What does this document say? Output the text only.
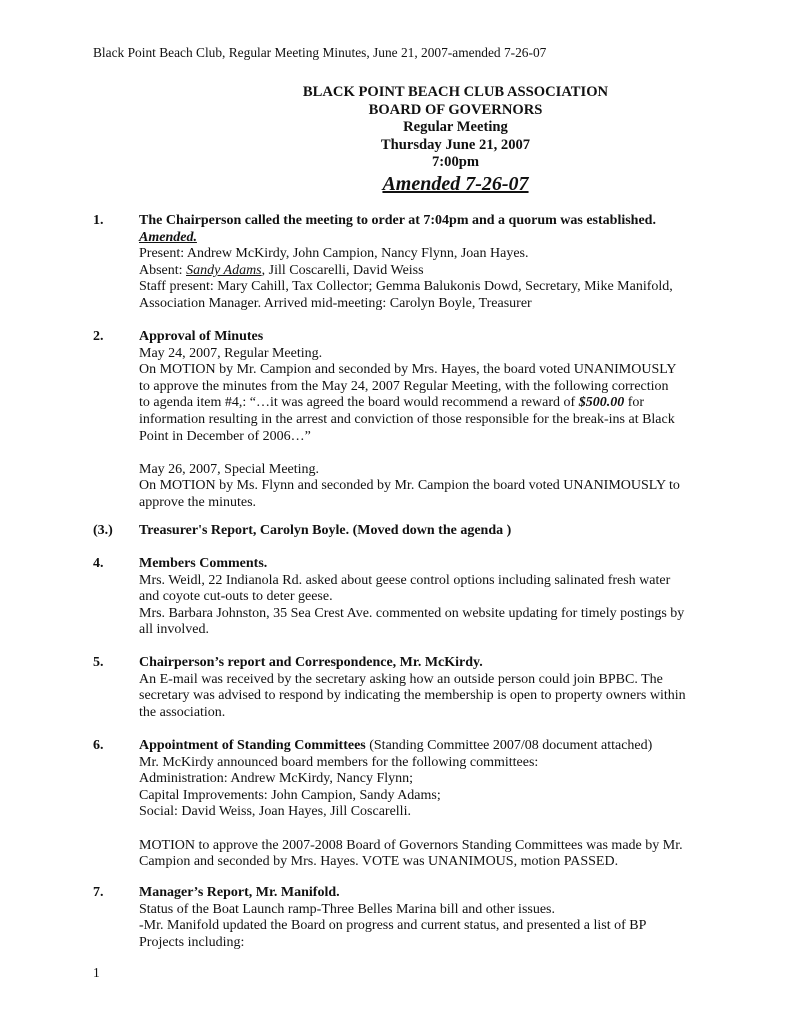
Black Point Beach Club, Regular Meeting Minutes, June 21, 2007-amended 7-26-07
BLACK POINT BEACH CLUB ASSOCIATION
BOARD OF GOVERNORS
Regular Meeting
Thursday June 21, 2007
7:00pm
Amended 7-26-07
1.	The Chairperson called the meeting to order at 7:04pm and a quorum was established.
Amended.
Present: Andrew McKirdy, John Campion, Nancy Flynn, Joan Hayes.
Absent: Sandy Adams, Jill Coscarelli, David Weiss
Staff present: Mary Cahill, Tax Collector; Gemma Balukonis Dowd, Secretary, Mike Manifold,
Association Manager. Arrived mid-meeting: Carolyn Boyle, Treasurer
2.	Approval of Minutes
May 24, 2007, Regular Meeting.
On MOTION by Mr. Campion and seconded by Mrs. Hayes, the board voted UNANIMOUSLY
to approve the minutes from the May 24, 2007 Regular Meeting, with the following correction
to agenda item #4,: “…it was agreed the board would recommend a reward of $500.00 for
information resulting in the arrest and conviction of those responsible for the break-ins at Black
Point in December of 2006…”
May 26, 2007, Special Meeting.
On MOTION by Ms. Flynn and seconded by Mr. Campion the board voted UNANIMOUSLY to
approve the minutes.
(3.) Treasurer's Report, Carolyn Boyle. (Moved down the agenda )
4.	Members Comments.
Mrs. Weidl, 22 Indianola Rd. asked about geese control options including salinated fresh water
and coyote cut-outs to deter geese.
Mrs. Barbara Johnston, 35 Sea Crest Ave. commented on website updating for timely postings by
all involved.
5.	Chairperson’s report and Correspondence, Mr. McKirdy.
An E-mail was received by the secretary asking how an outside person could join BPBC. The
secretary was advised to respond by indicating the membership is open to property owners within
the association.
6.	Appointment of Standing Committees (Standing Committee 2007/08 document attached)
Mr. McKirdy announced board members for the following committees:
Administration: Andrew McKirdy, Nancy Flynn;
Capital Improvements: John Campion, Sandy Adams;
Social: David Weiss, Joan Hayes, Jill Coscarelli.
MOTION to approve the 2007-2008 Board of Governors Standing Committees was made by Mr.
Campion and seconded by Mrs. Hayes. VOTE was UNANIMOUS, motion PASSED.
7.	Manager’s Report, Mr. Manifold.
Status of the Boat Launch ramp-Three Belles Marina bill and other issues.
-Mr. Manifold updated the Board on progress and current status, and presented a list of BP
Projects including:
1
